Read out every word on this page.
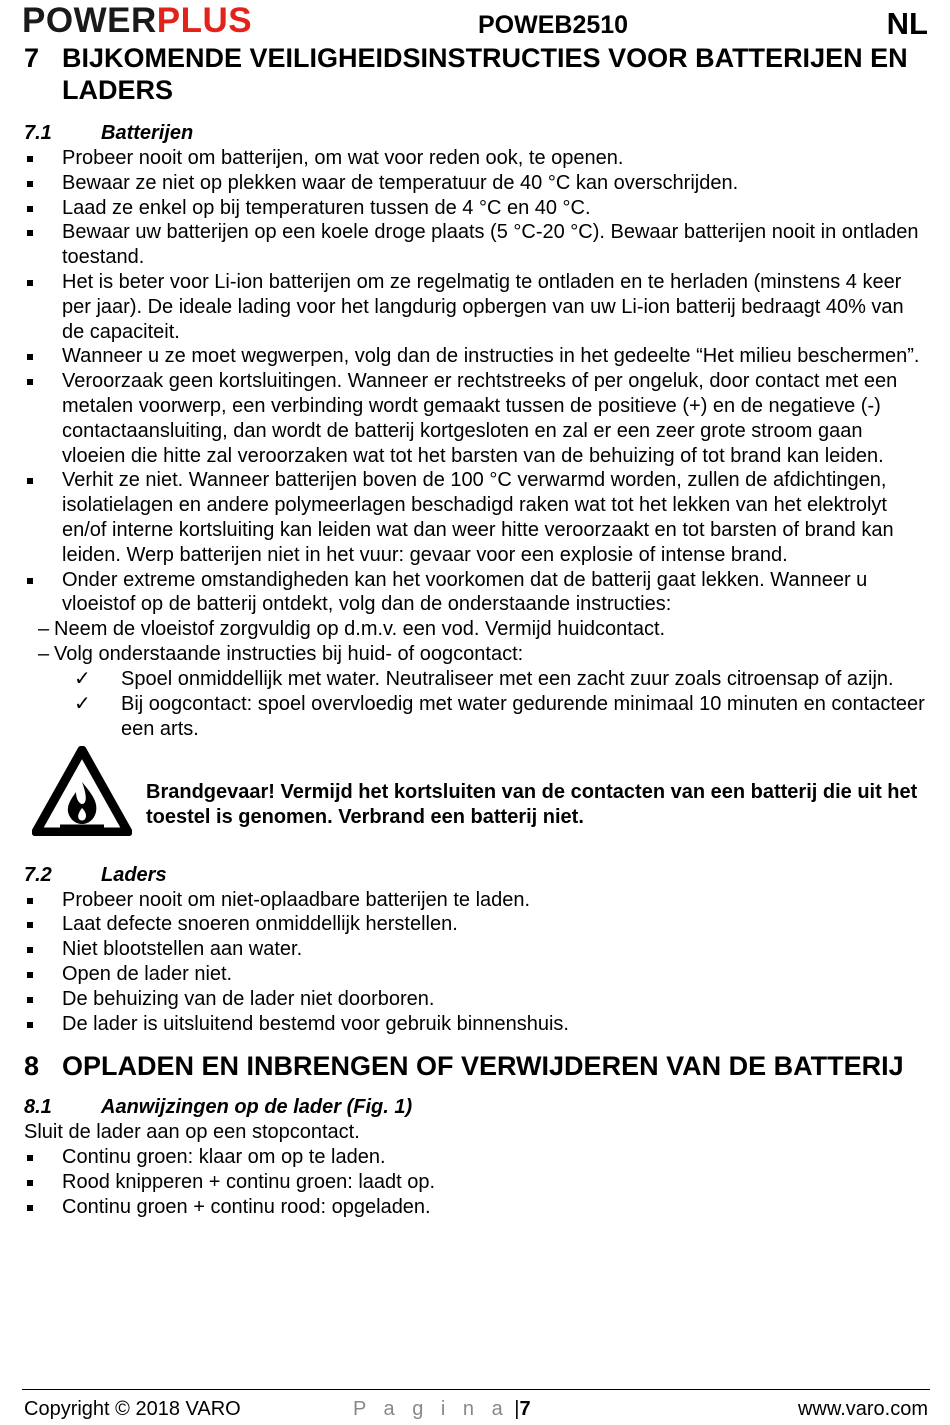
POWERPLUS	POWEB2510	NL
7 BIJKOMENDE VEILIGHEIDSINSTRUCTIES VOOR BATTERIJEN EN LADERS
7.1	Batterijen
Probeer nooit om batterijen, om wat voor reden ook, te openen.
Bewaar ze niet op plekken waar de temperatuur de 40 °C kan overschrijden.
Laad ze enkel op bij temperaturen tussen de 4 °C en 40 °C.
Bewaar uw batterijen op een koele droge plaats (5 °C-20 °C). Bewaar batterijen nooit in ontladen toestand.
Het is beter voor Li-ion batterijen om ze regelmatig te ontladen en te herladen (minstens 4 keer per jaar). De ideale lading voor het langdurig opbergen van uw Li-ion batterij bedraagt 40% van de capaciteit.
Wanneer u ze moet wegwerpen, volg dan de instructies in het gedeelte “Het milieu beschermen”.
Veroorzaak geen kortsluitingen. Wanneer er rechtstreeks of per ongeluk, door contact met een metalen voorwerp, een verbinding wordt gemaakt tussen de positieve (+) en de negatieve (-) contactaansluiting, dan wordt de batterij kortgesloten en zal er een zeer grote stroom gaan vloeien die hitte zal veroorzaken wat tot het barsten van de behuizing of tot brand kan leiden.
Verhit ze niet. Wanneer batterijen boven de 100 °C verwarmd worden, zullen de afdichtingen, isolatielagen en andere polymeerlagen beschadigd raken wat tot het lekken van het elektrolyt en/of interne kortsluiting kan leiden wat dan weer hitte veroorzaakt en tot barsten of brand kan leiden. Werp batterijen niet in het vuur: gevaar voor een explosie of intense brand.
Onder extreme omstandigheden kan het voorkomen dat de batterij gaat lekken. Wanneer u vloeistof op de batterij ontdekt, volg dan de onderstaande instructies:
– Neem de vloeistof zorgvuldig op d.m.v. een vod. Vermijd huidcontact.
– Volg onderstaande instructies bij huid- of oogcontact:
✓ Spoel onmiddellijk met water. Neutraliseer met een zacht zuur zoals citroensap of azijn.
✓ Bij oogcontact: spoel overvloedig met water gedurende minimaal 10 minuten en contacteer een arts.
Brandgevaar! Vermijd het kortsluiten van de contacten van een batterij die uit het toestel is genomen. Verbrand een batterij niet.
7.2	Laders
Probeer nooit om niet-oplaadbare batterijen te laden.
Laat defecte snoeren onmiddellijk herstellen.
Niet blootstellen aan water.
Open de lader niet.
De behuizing van de lader niet doorboren.
De lader is uitsluitend bestemd voor gebruik binnenshuis.
8 OPLADEN EN INBRENGEN OF VERWIJDEREN VAN DE BATTERIJ
8.1	Aanwijzingen op de lader (Fig. 1)
Sluit de lader aan op een stopcontact.
Continu groen: klaar om op te laden.
Rood knipperen + continu groen: laadt op.
Continu groen + continu rood: opgeladen.
Copyright © 2018 VARO	P a g i n a |7	www.varo.com
